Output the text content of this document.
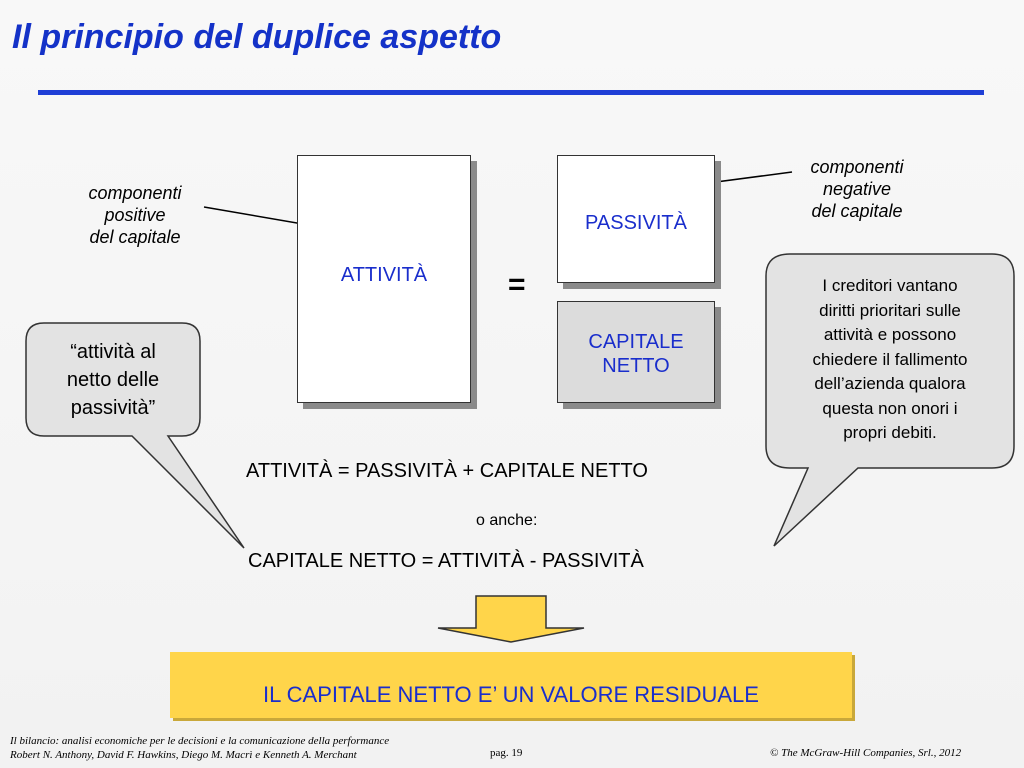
Il principio del duplice aspetto
ATTIVITÀ
PASSIVITÀ
CAPITALE
NETTO
=
componenti
positive
del capitale
componenti
negative
del capitale
“attività al
netto delle
passività”
I creditori vantano
diritti prioritari sulle
attività e possono
chiedere il fallimento
dell’azienda qualora
questa non onori i
propri debiti.
ATTIVITÀ = PASSIVITÀ + CAPITALE NETTO
o anche:
CAPITALE NETTO = ATTIVITÀ - PASSIVITÀ
IL CAPITALE NETTO E’ UN VALORE RESIDUALE
Il bilancio: analisi economiche per le decisioni e la comunicazione della performance
Robert N. Anthony, David F. Hawkins, Diego M. Macrì e Kenneth A. Merchant	pag. 19	© The McGraw-Hill Companies, Srl., 2012
